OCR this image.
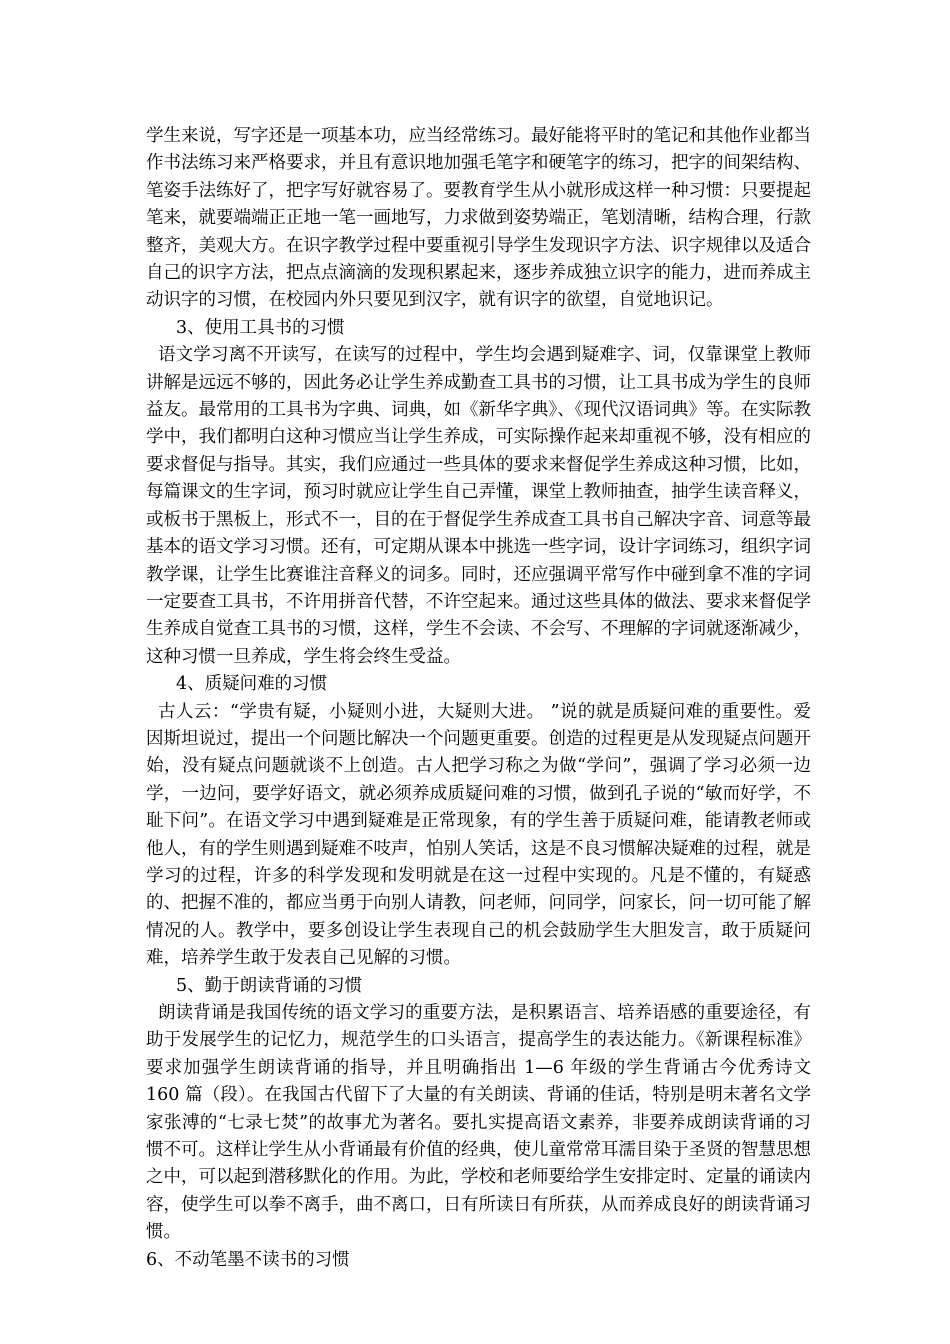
学生来说，写字还是一项基本功，应当经常练习。最好能将平时的笔记和其他作业都当作书法练习来严格要求，并且有意识地加强毛笔字和硬笔字的练习，把字的间架结构、笔姿手法练好了，把字写好就容易了。要教育学生从小就形成这样一种习惯：只要提起笔来，就要端端正正地一笔一画地写，力求做到姿势端正，笔划清晰，结构合理，行款整齐，美观大方。在识字教学过程中要重视引导学生发现识字方法、识字规律以及适合自己的识字方法，把点点滴滴的发现积累起来，逐步养成独立识字的能力，进而养成主动识字的习惯，在校园内外只要见到汉字，就有识字的欲望，自觉地识记。

3、使用工具书的习惯

语文学习离不开读写，在读写的过程中，学生均会遇到疑难字、词，仅靠课堂上教师讲解是远远不够的，因此务必让学生养成勤查工具书的习惯，让工具书成为学生的良师益友。最常用的工具书为字典、词典，如《新华字典》、《现代汉语词典》等。在实际教学中，我们都明白这种习惯应当让学生养成，可实际操作起来却重视不够，没有相应的要求督促与指导。其实，我们应通过一些具体的要求来督促学生养成这种习惯，比如，每篇课文的生字词，预习时就应让学生自己弄懂，课堂上教师抽查，抽学生读音释义，或板书于黑板上，形式不一，目的在于督促学生养成查工具书自己解决字音、词意等最基本的语文学习习惯。还有，可定期从课本中挑选一些字词，设计字词练习，组织字词教学课，让学生比赛谁注音释义的词多。同时，还应强调平常写作中碰到拿不准的字词一定要查工具书，不许用拼音代替，不许空起来。通过这些具体的做法、要求来督促学生养成自觉查工具书的习惯，这样，学生不会读、不会写、不理解的字词就逐渐减少，这种习惯一旦养成，学生将会终生受益。

4、质疑问难的习惯

古人云：“学贵有疑，小疑则小进，大疑则大进。 ”说的就是质疑问难的重要性。爱因斯坦说过，提出一个问题比解决一个问题更重要。创造的过程更是从发现疑点问题开始，没有疑点问题就谈不上创造。古人把学习称之为做“学问”，强调了学习必须一边学，一边问，要学好语文，就必须养成质疑问难的习惯，做到孔子说的“敏而好学，不耻下问”。在语文学习中遇到疑难是正常现象，有的学生善于质疑问难，能请教老师或他人，有的学生则遇到疑难不吱声，怕别人笑话，这是不良习惯解决疑难的过程，就是学习的过程，许多的科学发现和发明就是在这一过程中实现的。凡是不懂的，有疑惑的、把握不准的，都应当勇于向别人请教，问老师，问同学，问家长，问一切可能了解情况的人。教学中，要多创设让学生表现自己的机会鼓励学生大胆发言，敢于质疑问难，培养学生敢于发表自己见解的习惯。

5、勤于朗读背诵的习惯

朗读背诵是我国传统的语文学习的重要方法，是积累语言、培养语感的重要途径，有助于发展学生的记忆力，规范学生的口头语言，提高学生的表达能力。《新课程标准》要求加强学生朗读背诵的指导，并且明确指出 1—6 年级的学生背诵古今优秀诗文 160 篇（段）。在我国古代留下了大量的有关朗读、背诵的佳话，特别是明末著名文学家张溥的“七录七焚”的故事尤为著名。要扎实提高语文素养，非要养成朗读背诵的习惯不可。这样让学生从小背诵最有价值的经典，使儿童常常耳濡目染于圣贤的智慧思想之中，可以起到潜移默化的作用。为此，学校和老师要给学生安排定时、定量的诵读内容，使学生可以拳不离手，曲不离口，日有所读日有所获，从而养成良好的朗读背诵习惯。

6、不动笔墨不读书的习惯
